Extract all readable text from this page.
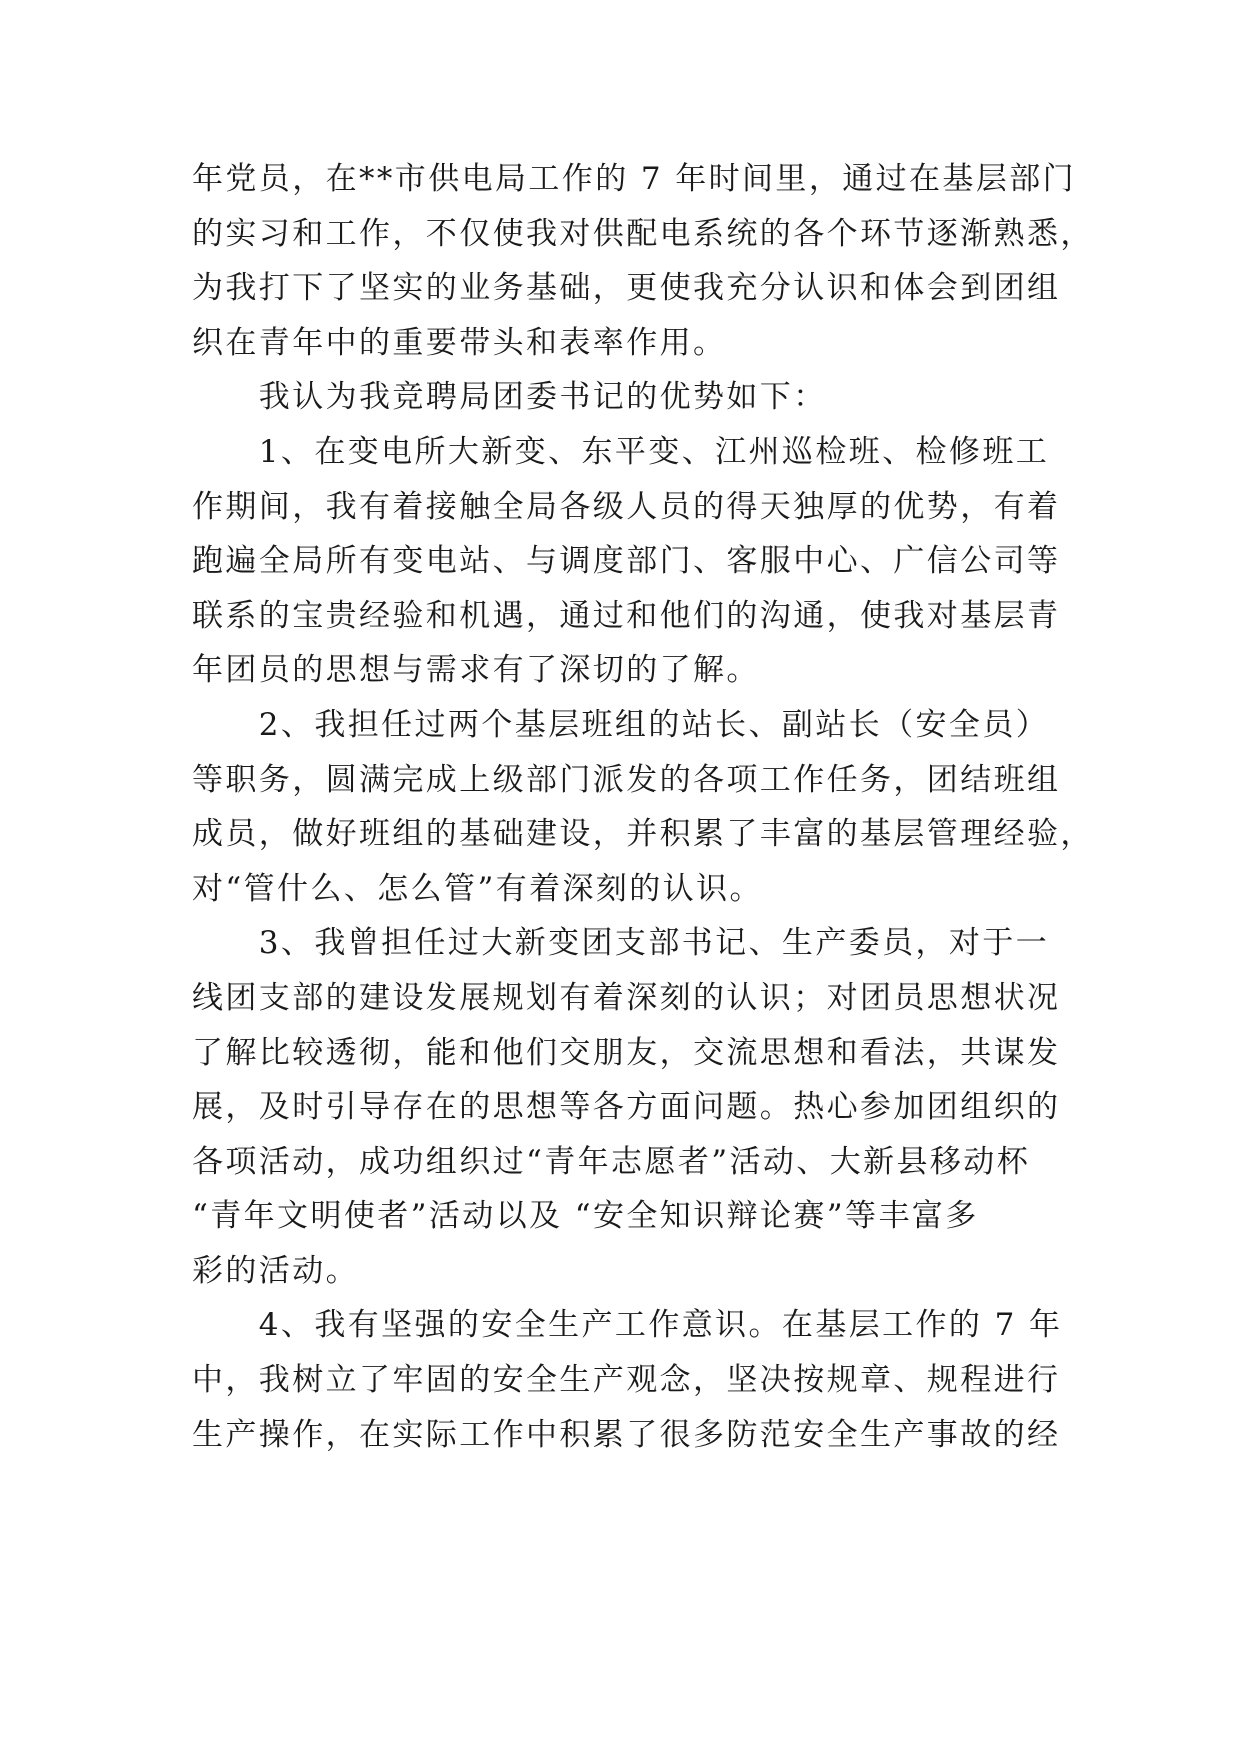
年党员，在**市供电局工作的 7 年时间里，通过在基层部门
的实习和工作，不仅使我对供配电系统的各个环节逐渐熟悉，
为我打下了坚实的业务基础，更使我充分认识和体会到团组
织在青年中的重要带头和表率作用。
　　我认为我竞聘局团委书记的优势如下：
　　1、在变电所大新变、东平变、江州巡检班、检修班工
作期间，我有着接触全局各级人员的得天独厚的优势，有着
跑遍全局所有变电站、与调度部门、客服中心、广信公司等
联系的宝贵经验和机遇，通过和他们的沟通，使我对基层青
年团员的思想与需求有了深切的了解。
　　2、我担任过两个基层班组的站长、副站长（安全员）
等职务，圆满完成上级部门派发的各项工作任务，团结班组
成员，做好班组的基础建设，并积累了丰富的基层管理经验，
对“管什么、怎么管”有着深刻的认识。
　　3、我曾担任过大新变团支部书记、生产委员，对于一
线团支部的建设发展规划有着深刻的认识；对团员思想状况
了解比较透彻，能和他们交朋友，交流思想和看法，共谋发
展，及时引导存在的思想等各方面问题。热心参加团组织的
各项活动，成功组织过“青年志愿者”活动、大新县移动杯
“青年文明使者”活动以及 “安全知识辩论赛”等丰富多
彩的活动。
　　4、我有坚强的安全生产工作意识。在基层工作的 7 年
中，我树立了牢固的安全生产观念，坚决按规章、规程进行
生产操作，在实际工作中积累了很多防范安全生产事故的经
